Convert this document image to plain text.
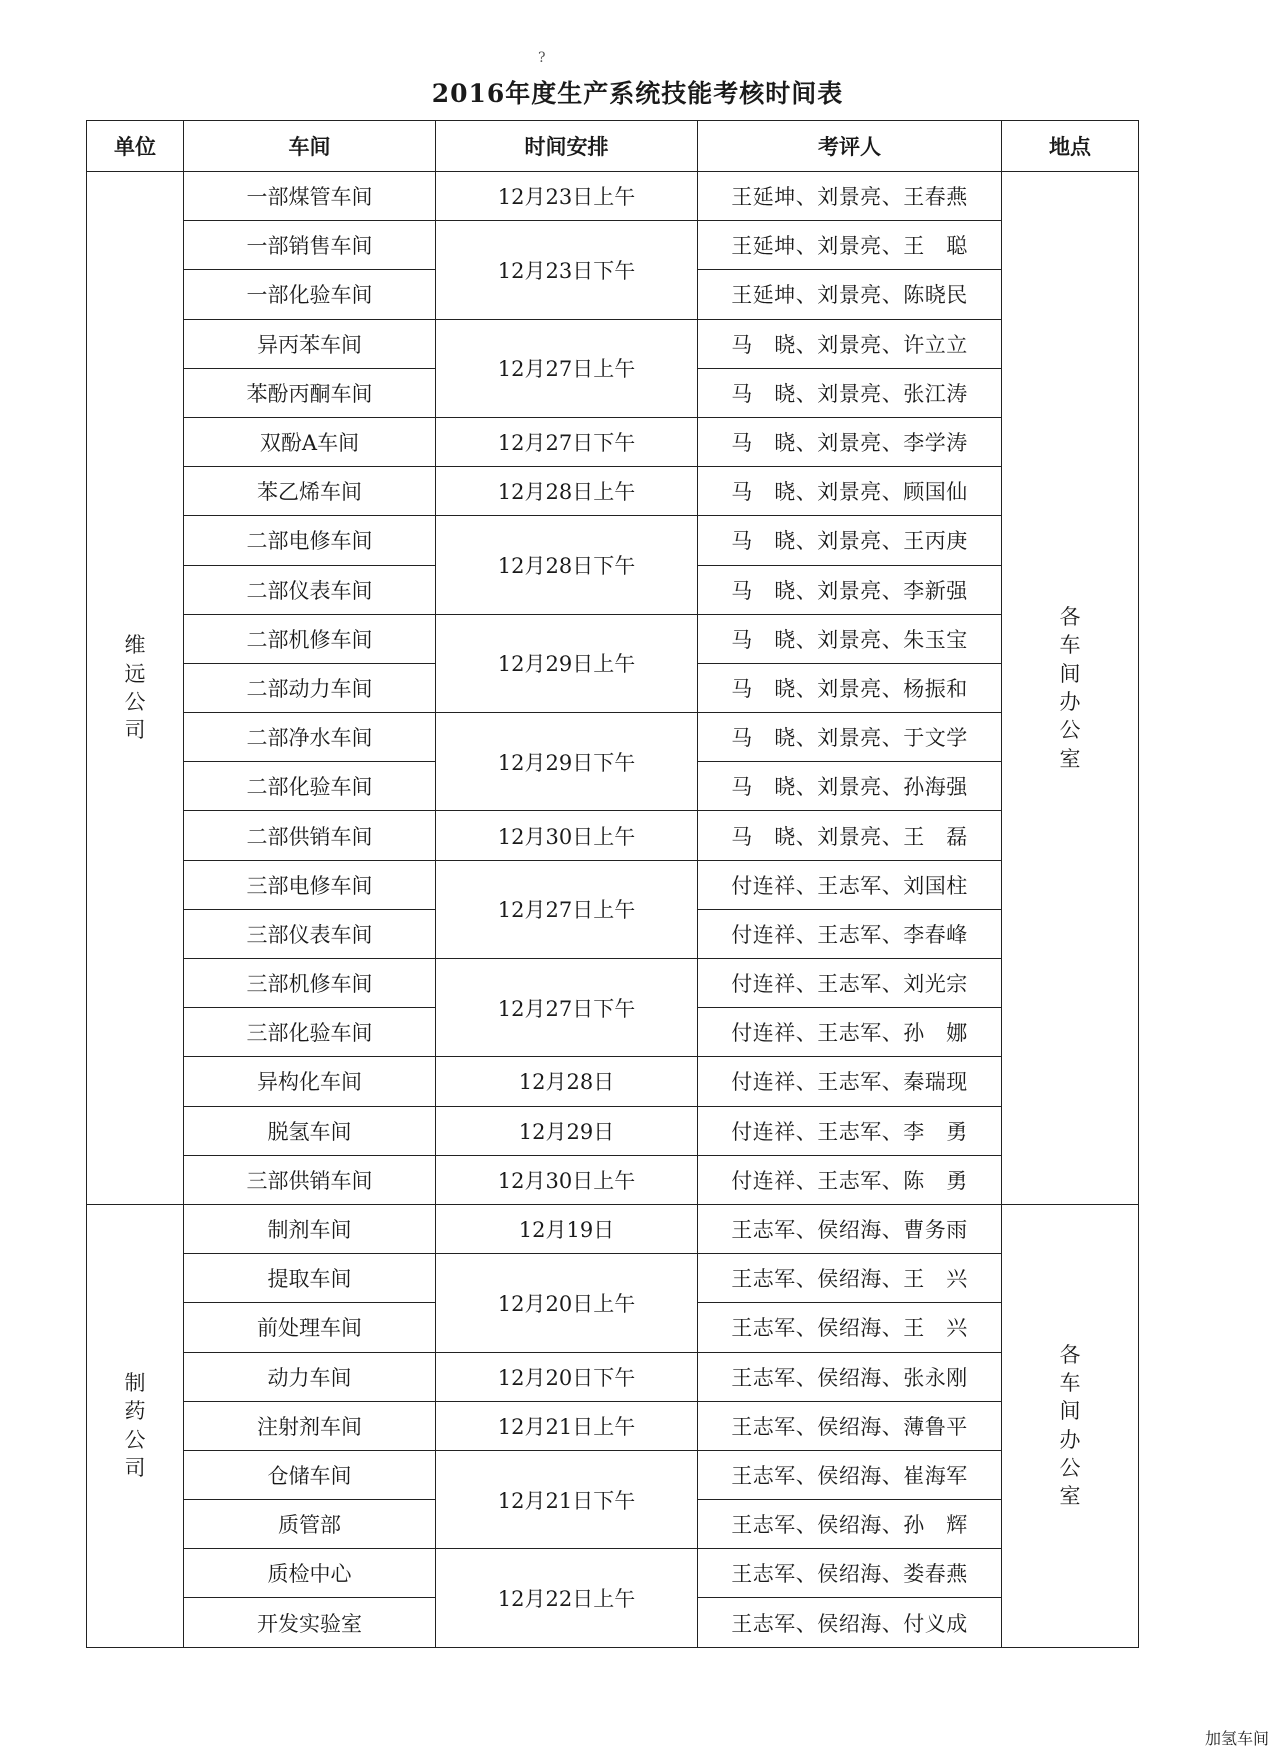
?
2016年度生产系统技能考核时间表
单位	车间	时间安排	考评人	地点
维远公司	一部煤管车间	12月23日上午	王延坤、刘景亮、王春燕	各车间办公室
	一部销售车间	12月23日下午	王延坤、刘景亮、王　聪	
	一部化验车间		王延坤、刘景亮、陈晓民	
	异丙苯车间	12月27日上午	马　晓、刘景亮、许立立	
	苯酚丙酮车间		马　晓、刘景亮、张江涛	
	双酚A车间	12月27日下午	马　晓、刘景亮、李学涛	
	苯乙烯车间	12月28日上午	马　晓、刘景亮、顾国仙	
	二部电修车间	12月28日下午	马　晓、刘景亮、王丙庚	
	二部仪表车间		马　晓、刘景亮、李新强	
	二部机修车间	12月29日上午	马　晓、刘景亮、朱玉宝	
	二部动力车间		马　晓、刘景亮、杨振和	
	二部净水车间	12月29日下午	马　晓、刘景亮、于文学	
	二部化验车间		马　晓、刘景亮、孙海强	
	二部供销车间	12月30日上午	马　晓、刘景亮、王　磊	
	三部电修车间	12月27日上午	付连祥、王志军、刘国柱	
	三部仪表车间		付连祥、王志军、李春峰	
	三部机修车间	12月27日下午	付连祥、王志军、刘光宗	
	三部化验车间		付连祥、王志军、孙　娜	
	异构化车间	12月28日	付连祥、王志军、秦瑞现	
	脱氢车间	12月29日	付连祥、王志军、李　勇	
	三部供销车间	12月30日上午	付连祥、王志军、陈　勇	
制药公司	制剂车间	12月19日	王志军、侯绍海、曹务雨	各车间办公室
	提取车间	12月20日上午	王志军、侯绍海、王　兴	
	前处理车间		王志军、侯绍海、王　兴	
	动力车间	12月20日下午	王志军、侯绍海、张永刚	
	注射剂车间	12月21日上午	王志军、侯绍海、薄鲁平	
	仓储车间	12月21日下午	王志军、侯绍海、崔海军	
	质管部		王志军、侯绍海、孙　辉	
	质检中心	12月22日上午	王志军、侯绍海、娄春燕	
	开发实验室		王志军、侯绍海、付义成	
加氢车间
